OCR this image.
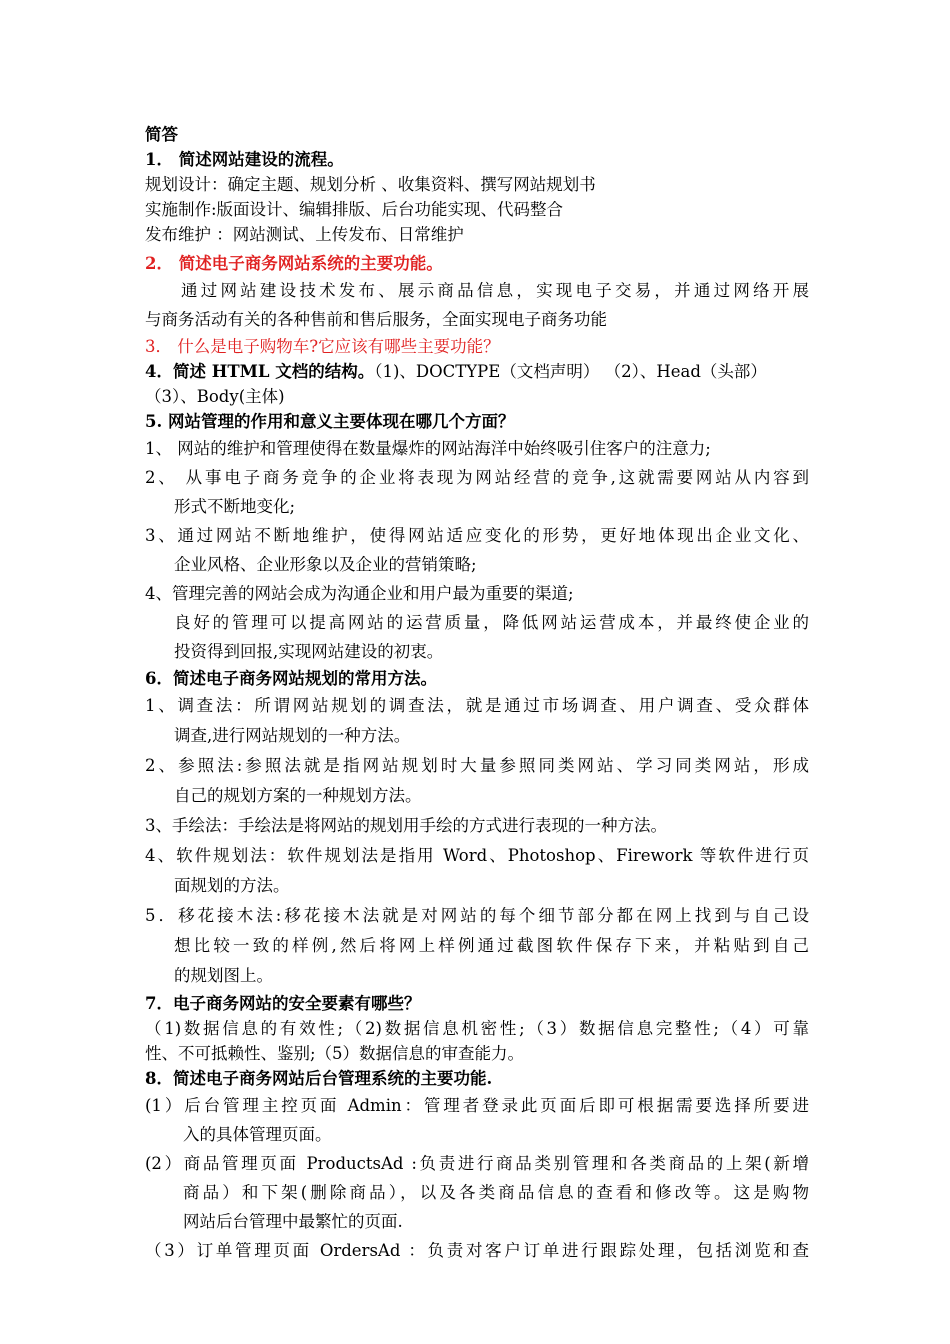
简答
1． 简述网站建设的流程。
规划设计：确定主题、规划分析 、收集资料、撰写网站规划书
实施制作:版面设计、编辑排版、后台功能实现、代码整合
发布维护 ：网站测试、上传发布、日常维护
2． 简述电子商务网站系统的主要功能。
通过网站建设技术发布、展示商品信息，实现电子交易，并通过网络开展
与商务活动有关的各种售前和售后服务，全面实现电子商务功能
3． 什么是电子购物车?它应该有哪些主要功能？
4．简述 HTML 文档的结构。（1)、DOCTYPE（文档声明） （2）、Head（头部）
（3）、Body(主体)
5. 网站管理的作用和意义主要体现在哪几个方面？
1、 网站的维护和管理使得在数量爆炸的网站海洋中始终吸引住客户的注意力;
2、 从事电子商务竞争的企业将表现为网站经营的竞争,这就需要网站从内容到
形式不断地变化;
3、通过网站不断地维护，使得网站适应变化的形势，更好地体现出企业文化、
企业风格、企业形象以及企业的营销策略;
4、管理完善的网站会成为沟通企业和用户最为重要的渠道;
良好的管理可以提高网站的运营质量，降低网站运营成本，并最终使企业的
投资得到回报,实现网站建设的初衷。
6．简述电子商务网站规划的常用方法。
1、调查法：所谓网站规划的调查法，就是通过市场调查、用户调查、受众群体
调查,进行网站规划的一种方法。
2、参照法:参照法就是指网站规划时大量参照同类网站、学习同类网站，形成
自己的规划方案的一种规划方法。
3、手绘法：手绘法是将网站的规划用手绘的方式进行表现的一种方法。
4、软件规划法：软件规划法是指用 Word、Photoshop、Firework 等软件进行页
面规划的方法。
5．移花接木法:移花接木法就是对网站的每个细节部分都在网上找到与自己设
想比较一致的样例,然后将网上样例通过截图软件保存下来，并粘贴到自己
的规划图上。
7．电子商务网站的安全要素有哪些？
（1)数据信息的有效性;（2)数据信息机密性;（3）数据信息完整性;（4）可靠
性、不可抵赖性、鉴别;（5）数据信息的审查能力。
8．简述电子商务网站后台管理系统的主要功能.
(1）后台管理主控页面 Admin：管理者登录此页面后即可根据需要选择所要进
入的具体管理页面。
(2）商品管理页面 ProductsAd :负责进行商品类别管理和各类商品的上架(新增
商品）和下架(删除商品），以及各类商品信息的查看和修改等。这是购物
网站后台管理中最繁忙的页面.
（3）订单管理页面 OrdersAd ：负责对客户订单进行跟踪处理，包括浏览和查
